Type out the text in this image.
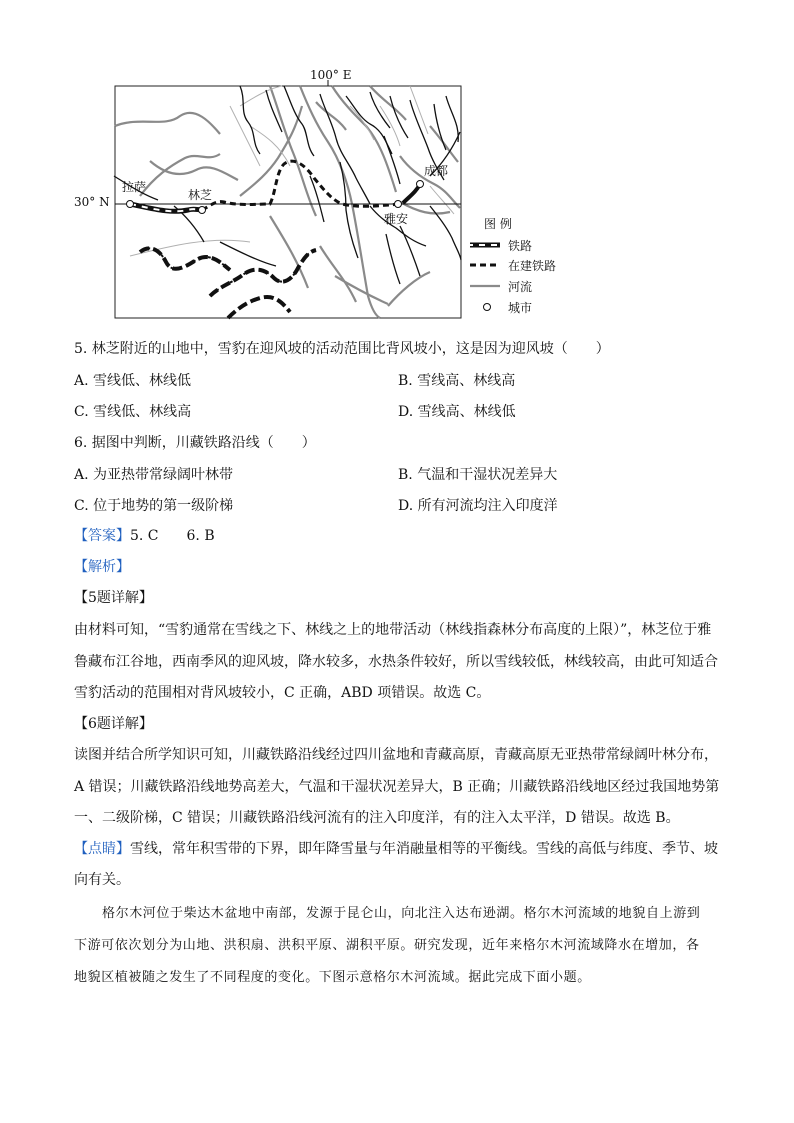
100° E
30° N
拉萨
林芝
成都
雅安	图 例
铁路
在建铁路
河流
城市
5. 林芝附近的山地中，雪豹在迎风坡的活动范围比背风坡小，这是因为迎风坡（　　）
A. 雪线低、林线低	B. 雪线高、林线高
C. 雪线低、林线高	D. 雪线高、林线低
6. 据图中判断，川藏铁路沿线（　　）
A. 为亚热带常绿阔叶林带	B. 气温和干湿状况差异大
C. 位于地势的第一级阶梯	D. 所有河流均注入印度洋
【答案】5. C　　6. B
【解析】
【5题详解】
由材料可知，“雪豹通常在雪线之下、林线之上的地带活动（林线指森林分布高度的上限）”，林芝位于雅
鲁藏布江谷地，西南季风的迎风坡，降水较多，水热条件较好，所以雪线较低，林线较高，由此可知适合
雪豹活动的范围相对背风坡较小，C 正确，ABD 项错误。故选 C。
【6题详解】
读图并结合所学知识可知，川藏铁路沿线经过四川盆地和青藏高原，青藏高原无亚热带常绿阔叶林分布，
A 错误；川藏铁路沿线地势高差大，气温和干湿状况差异大，B 正确；川藏铁路沿线地区经过我国地势第
一、二级阶梯，C 错误；川藏铁路沿线河流有的注入印度洋，有的注入太平洋，D 错误。故选 B。
【点睛】雪线，常年积雪带的下界，即年降雪量与年消融量相等的平衡线。雪线的高低与纬度、季节、坡
向有关。
格尔木河位于柴达木盆地中南部，发源于昆仑山，向北注入达布逊湖。格尔木河流域的地貌自上游到
下游可依次划分为山地、洪积扇、洪积平原、湖积平原。研究发现，近年来格尔木河流域降水在增加，各
地貌区植被随之发生了不同程度的变化。下图示意格尔木河流域。据此完成下面小题。
